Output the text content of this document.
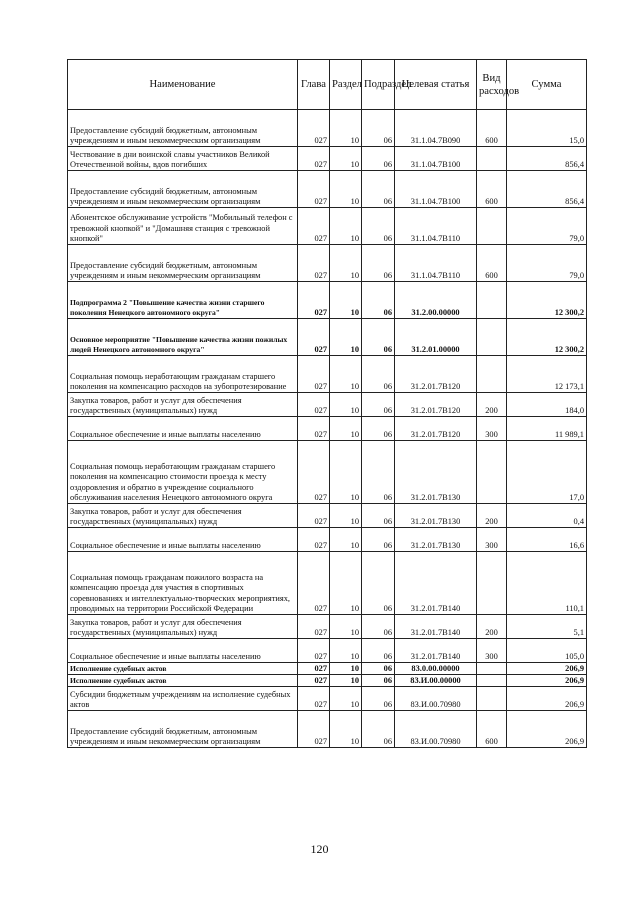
Наименование	Глава	Раздел	Подраздел	Целевая статья	Вид расходов	Сумма
Предоставление субсидий бюджетным, автономным учреждениям и иным некоммерческим организациям	027	10	06	31.1.04.7В090	600	15,0
Чествование в дни воинской славы участников Великой Отечественной войны, вдов погибших	027	10	06	31.1.04.7В100		856,4
Предоставление субсидий бюджетным, автономным учреждениям и иным некоммерческим организациям	027	10	06	31.1.04.7В100	600	856,4
Абонентское обслуживание устройств "Мобильный телефон с тревожной кнопкой" и "Домашняя станция с тревожной кнопкой"	027	10	06	31.1.04.7В110		79,0
Предоставление субсидий бюджетным, автономным учреждениям и иным некоммерческим организациям	027	10	06	31.1.04.7В110	600	79,0
Подпрограмма 2 "Повышение качества жизни старшего поколения Ненецкого автономного округа"	027	10	06	31.2.00.00000		12 300,2
Основное мероприятие "Повышение качества жизни пожилых людей Ненецкого автономного округа"	027	10	06	31.2.01.00000		12 300,2
Социальная помощь неработающим гражданам старшего поколения на компенсацию расходов на зубопротезирование	027	10	06	31.2.01.7В120		12 173,1
Закупка товаров, работ и услуг для обеспечения государственных (муниципальных) нужд	027	10	06	31.2.01.7В120	200	184,0
Социальное обеспечение и иные выплаты населению	027	10	06	31.2.01.7В120	300	11 989,1
Социальная помощь неработающим гражданам старшего поколения на компенсацию стоимости проезда к месту оздоровления и обратно в учреждение социального обслуживания населения Ненецкого автономного округа	027	10	06	31.2.01.7В130		17,0
Закупка товаров, работ и услуг для обеспечения государственных (муниципальных) нужд	027	10	06	31.2.01.7В130	200	0,4
Социальное обеспечение и иные выплаты населению	027	10	06	31.2.01.7В130	300	16,6
Социальная помощь гражданам пожилого возраста на компенсацию проезда для участия в спортивных соревнованиях и интеллектуально-творческих мероприятиях, проводимых на территории Российской Федерации	027	10	06	31.2.01.7В140		110,1
Закупка товаров, работ и услуг для обеспечения государственных (муниципальных) нужд	027	10	06	31.2.01.7В140	200	5,1
Социальное обеспечение и иные выплаты населению	027	10	06	31.2.01.7В140	300	105,0
Исполнение судебных актов	027	10	06	83.0.00.00000		206,9
Исполнение судебных актов	027	10	06	83.И.00.00000		206,9
Субсидии бюджетным учреждениям на исполнение судебных актов	027	10	06	83.И.00.70980		206,9
Предоставление субсидий бюджетным, автономным учреждениям и иным некоммерческим организациям	027	10	06	83.И.00.70980	600	206,9
120
